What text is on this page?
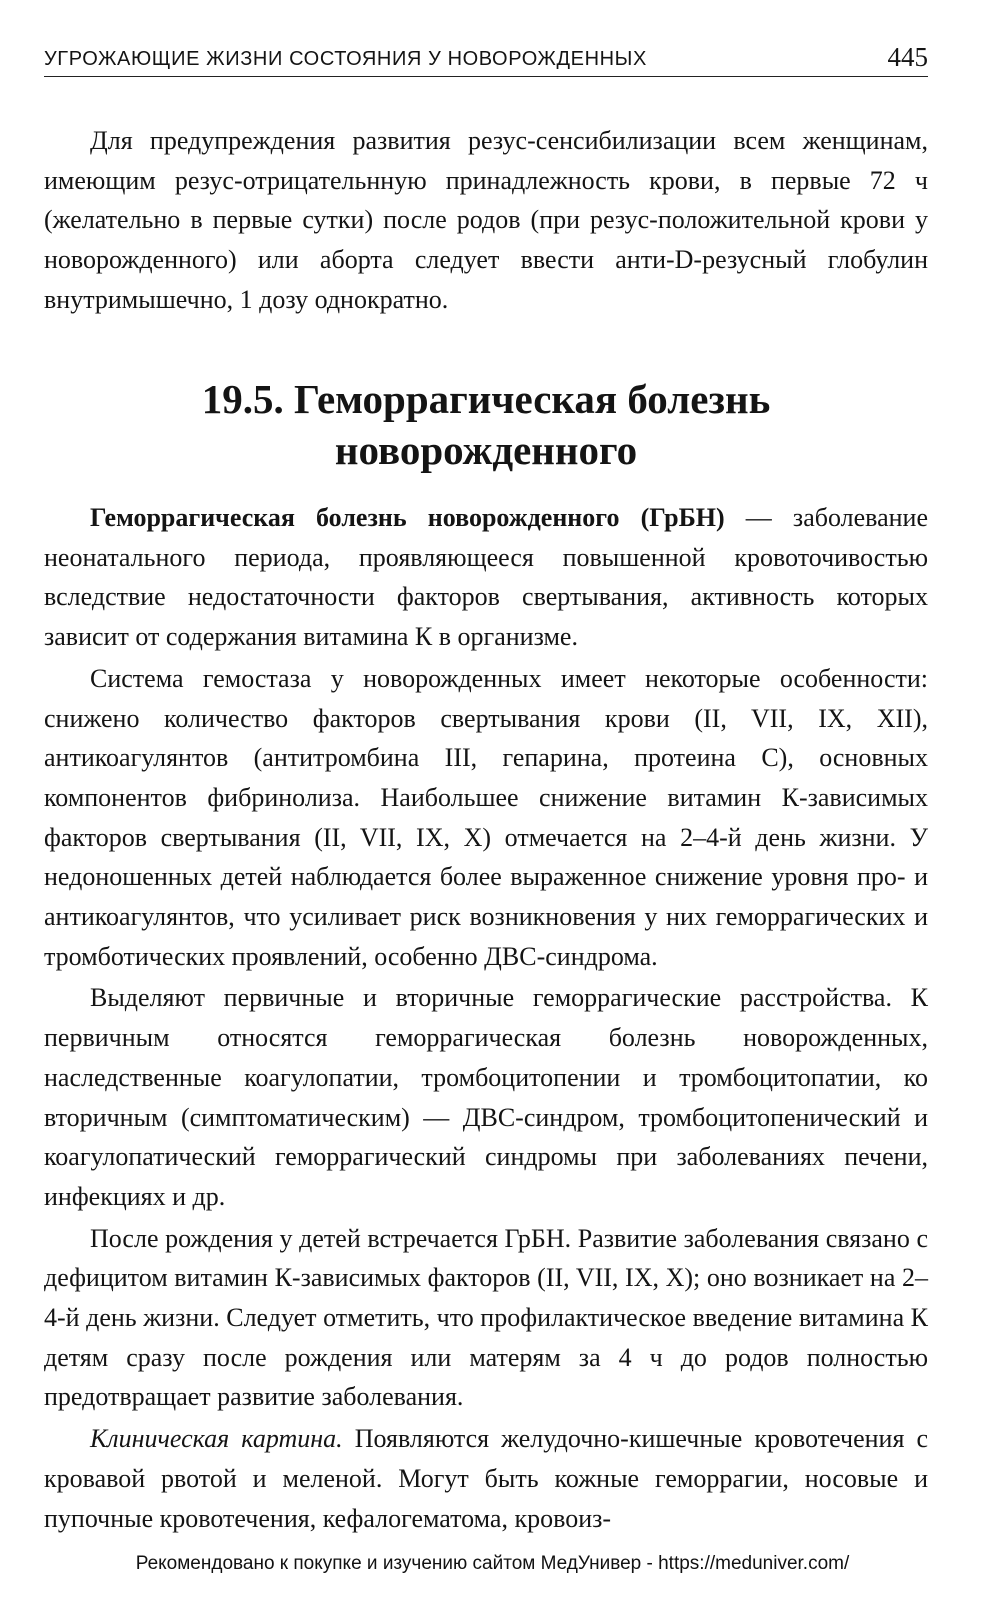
УГРОЖАЮЩИЕ ЖИЗНИ СОСТОЯНИЯ У НОВОРОЖДЕННЫХ	445

Для предупреждения развития резус-сенсибилизации всем женщинам, имеющим резус-отрицательнную принадлежность крови, в первые 72 ч (желательно в первые сутки) после родов (при резус-положительной крови у новорожденного) или аборта следует ввести анти-D-резусный глобулин внутримышечно, 1 дозу однократно.

19.5. Геморрагическая болезнь
новорожденного

Геморрагическая болезнь новорожденного (ГрБН) — заболевание неонатального периода, проявляющееся повышенной кровоточивостью вследствие недостаточности факторов свертывания, активность которых зависит от содержания витамина К в организме.

Система гемостаза у новорожденных имеет некоторые особенности: снижено количество факторов свертывания крови (II, VII, IX, XII), антикоагулянтов (антитромбина III, гепарина, протеина С), основных компонентов фибринолиза. Наибольшее снижение витамин К-зависимых факторов свертывания (II, VII, IX, X) отмечается на 2–4-й день жизни. У недоношенных детей наблюдается более выраженное снижение уровня про- и антикоагулянтов, что усиливает риск возникновения у них геморрагических и тромботических проявлений, особенно ДВС-синдрома.

Выделяют первичные и вторичные геморрагические расстройства. К первичным относятся геморрагическая болезнь новорожденных, наследственные коагулопатии, тромбоцитопении и тромбоцитопатии, ко вторичным (симптоматическим) — ДВС-синдром, тромбоцитопенический и коагулопатический геморрагический синдромы при заболеваниях печени, инфекциях и др.

После рождения у детей встречается ГрБН. Развитие заболевания связано с дефицитом витамин К-зависимых факторов (II, VII, IX, X); оно возникает на 2–4-й день жизни. Следует отметить, что профилактическое введение витамина К детям сразу после рождения или матерям за 4 ч до родов полностью предотвращает развитие заболевания.

Клиническая картина. Появляются желудочно-кишечные кровотечения с кровавой рвотой и меленой. Могут быть кожные геморрагии, носовые и пупочные кровотечения, кефалогематома, кровоиз-

Рекомендовано к покупке и изучению сайтом МедУнивер - https://meduniver.com/
